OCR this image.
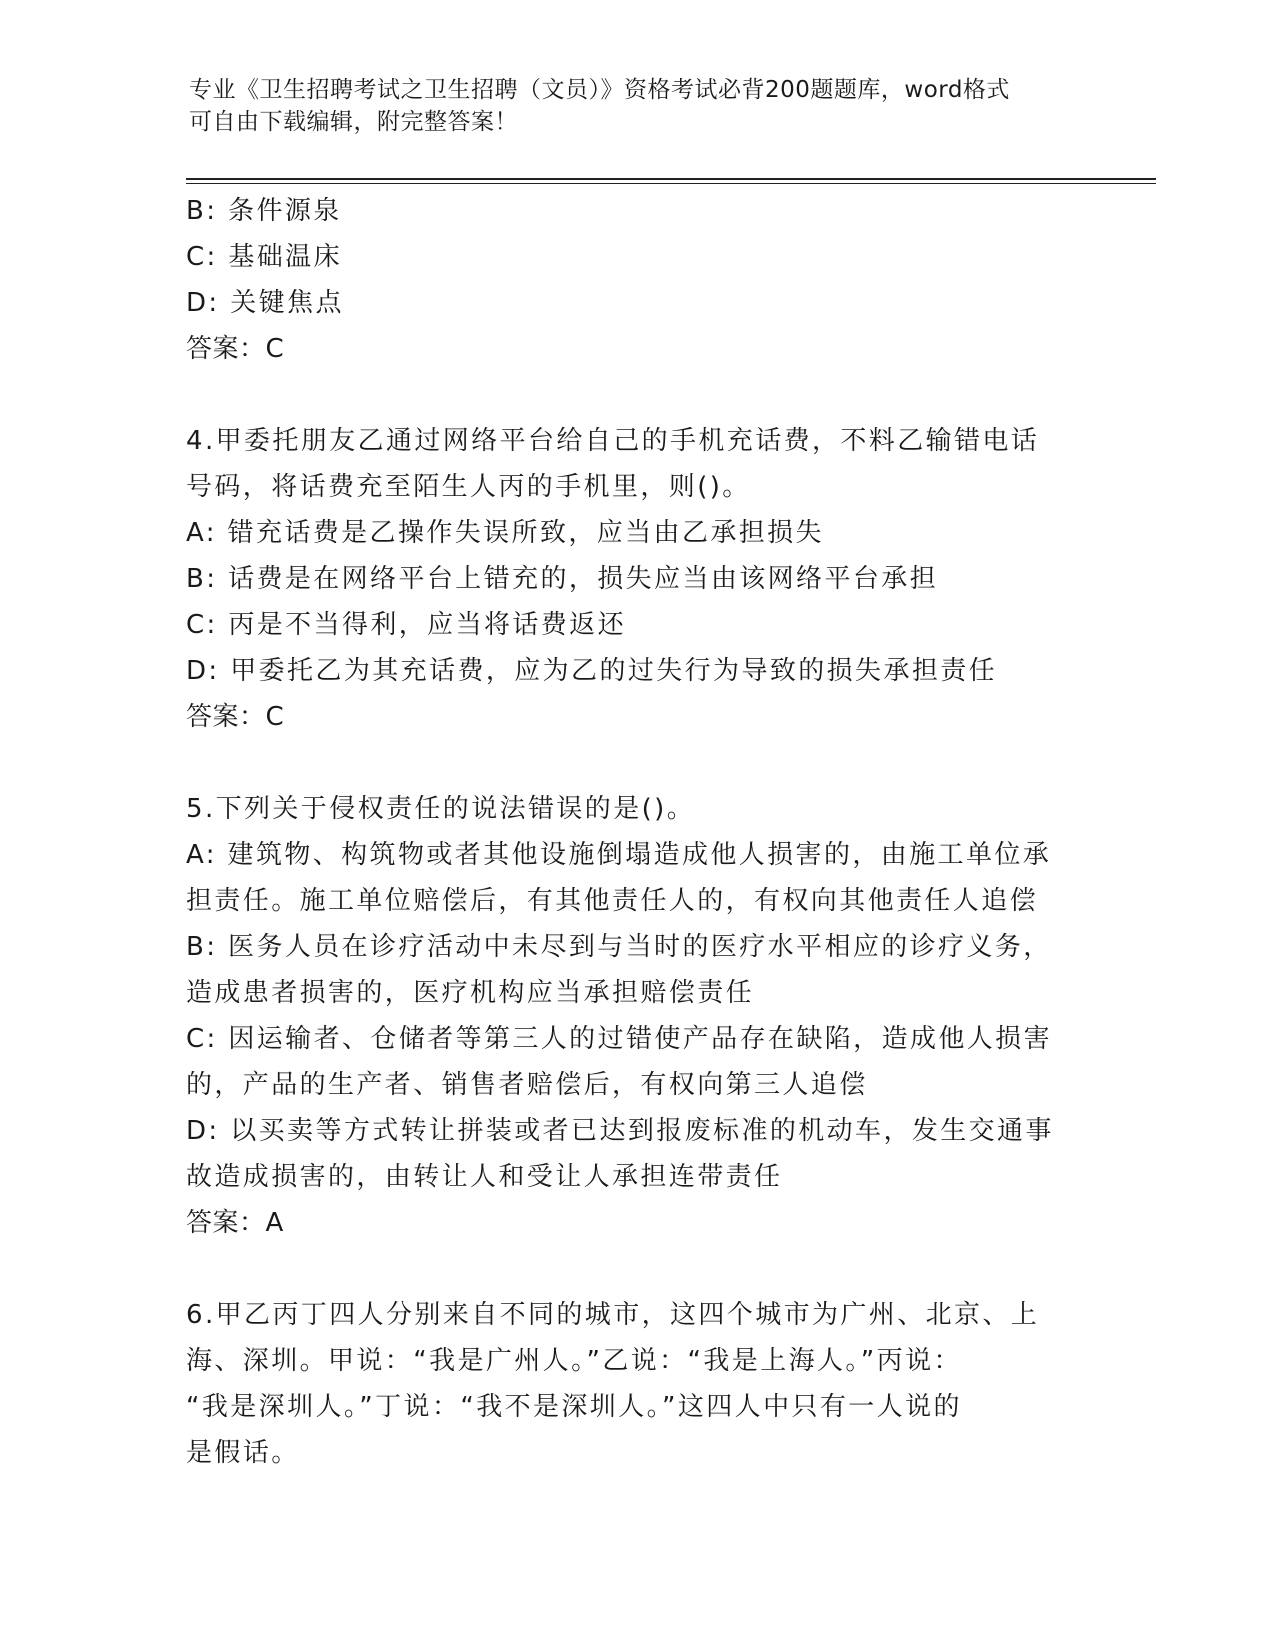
专业《卫生招聘考试之卫生招聘（文员）》资格考试必背200题题库，word格式
可自由下载编辑，附完整答案！
B: 条件源泉
C: 基础温床
D: 关键焦点
答案：C
4.甲委托朋友乙通过网络平台给自己的手机充话费，不料乙输错电话
号码，将话费充至陌生人丙的手机里，则()。
A: 错充话费是乙操作失误所致，应当由乙承担损失
B: 话费是在网络平台上错充的，损失应当由该网络平台承担
C: 丙是不当得利，应当将话费返还
D: 甲委托乙为其充话费，应为乙的过失行为导致的损失承担责任
答案：C
5.下列关于侵权责任的说法错误的是()。
A: 建筑物、构筑物或者其他设施倒塌造成他人损害的，由施工单位承
担责任。施工单位赔偿后，有其他责任人的，有权向其他责任人追偿
B: 医务人员在诊疗活动中未尽到与当时的医疗水平相应的诊疗义务，
造成患者损害的，医疗机构应当承担赔偿责任
C: 因运输者、仓储者等第三人的过错使产品存在缺陷，造成他人损害
的，产品的生产者、销售者赔偿后，有权向第三人追偿
D: 以买卖等方式转让拼装或者已达到报废标准的机动车，发生交通事
故造成损害的，由转让人和受让人承担连带责任
答案：A
6.甲乙丙丁四人分别来自不同的城市，这四个城市为广州、北京、上
海、深圳。甲说：“我是广州人。”乙说：“我是上海人。”丙说：
“我是深圳人。”丁说：“我不是深圳人。”这四人中只有一人说的
是假话。
